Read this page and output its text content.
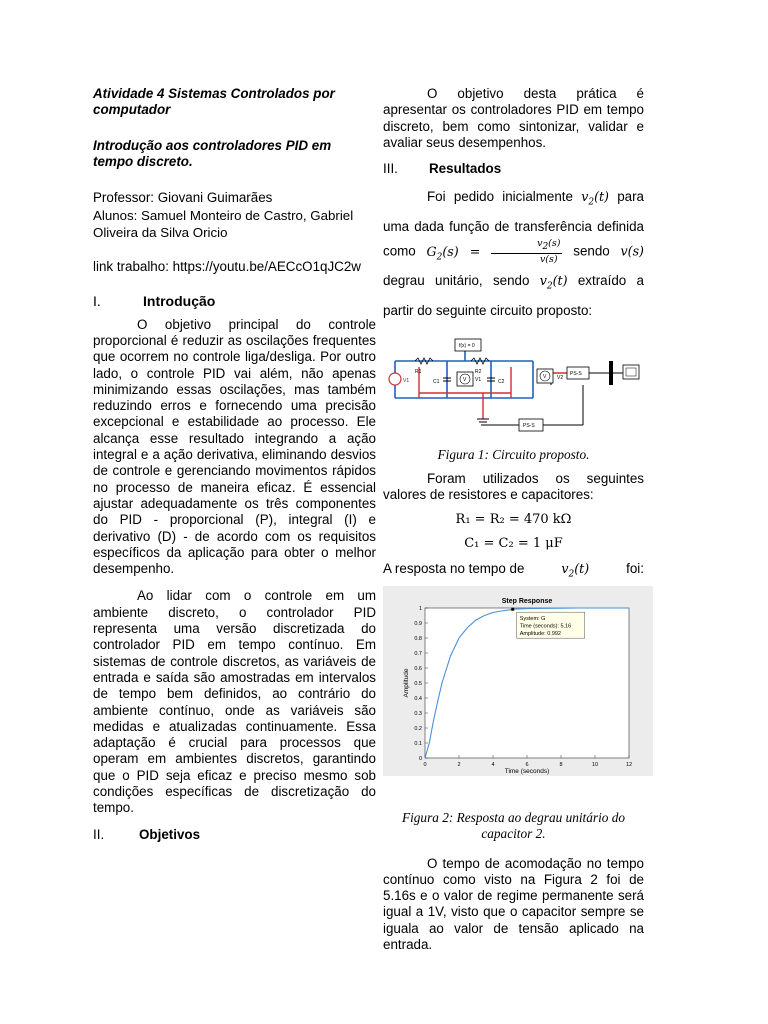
Atividade 4 Sistemas Controlados por
computador

Introdução aos controladores PID em
tempo discreto.

Professor: Giovani Guimarães

Alunos: Samuel Monteiro de Castro, Gabriel Oliveira da Silva Oricio

link trabalho: https://youtu.be/AECcO1qJC2w

I.	Introdução

O objetivo principal do controle proporcional é reduzir as oscilações frequentes que ocorrem no controle liga/desliga. Por outro lado, o controle PID vai além, não apenas minimizando essas oscilações, mas também reduzindo erros e fornecendo uma precisão excepcional e estabilidade ao processo. Ele alcança esse resultado integrando a ação integral e a ação derivativa, eliminando desvios de controle e gerenciando movimentos rápidos no processo de maneira eficaz. É essencial ajustar adequadamente os três componentes do PID - proporcional (P), integral (I) e derivativo (D) - de acordo com os requisitos específicos da aplicação para obter o melhor desempenho.

Ao lidar com o controle em um ambiente discreto, o controlador PID representa uma versão discretizada do controlador PID em tempo contínuo. Em sistemas de controle discretos, as variáveis de entrada e saída são amostradas em intervalos de tempo bem definidos, ao contrário do ambiente contínuo, onde as variáveis são medidas e atualizadas continuamente. Essa adaptação é crucial para processos que operam em ambientes discretos, garantindo que o PID seja eficaz e preciso mesmo sob condições específicas de discretização do tempo.

II.	Objetivos

O objetivo desta prática é apresentar os controladores PID em tempo discreto, bem como sintonizar, validar e avaliar seus desempenhos.

III. Resultados

Foi pedido inicialmente $v_2(t)$ para uma dada função de transferência definida como $G_2(s) = \frac{v_2(s)}{v(s)}$ sendo v(s) degrau unitário, sendo $v_2(t)$ extraído a partir do seguinte circuito proposto:

V1
R1	R2
C1	C2
V V1	V V2
f(x) = 0
PS-S
PS-S

Figura 1: Circuito proposto.

Foram utilizados os seguintes valores de resistores e capacitores:

R₁ = R₂ = 470 kΩ

C₁ = C₂ = 1 μF

A resposta no tempo de	$v_2(t)$	foi:

Step Response
Time (seconds)
Amplitude
0
0.1
0.2
0.3
0.4
0.5
0.6
0.7
0.8
0.9
1
0	2	4	6	8	10	12
System: G
Time (seconds): 5.16
Amplitude: 0.992

Figura 2: Resposta ao degrau unitário do capacitor 2.

O tempo de acomodação no tempo contínuo como visto na Figura 2 foi de 5.16s e o valor de regime permanente será igual a 1V, visto que o capacitor sempre se iguala ao valor de tensão aplicado na entrada.
